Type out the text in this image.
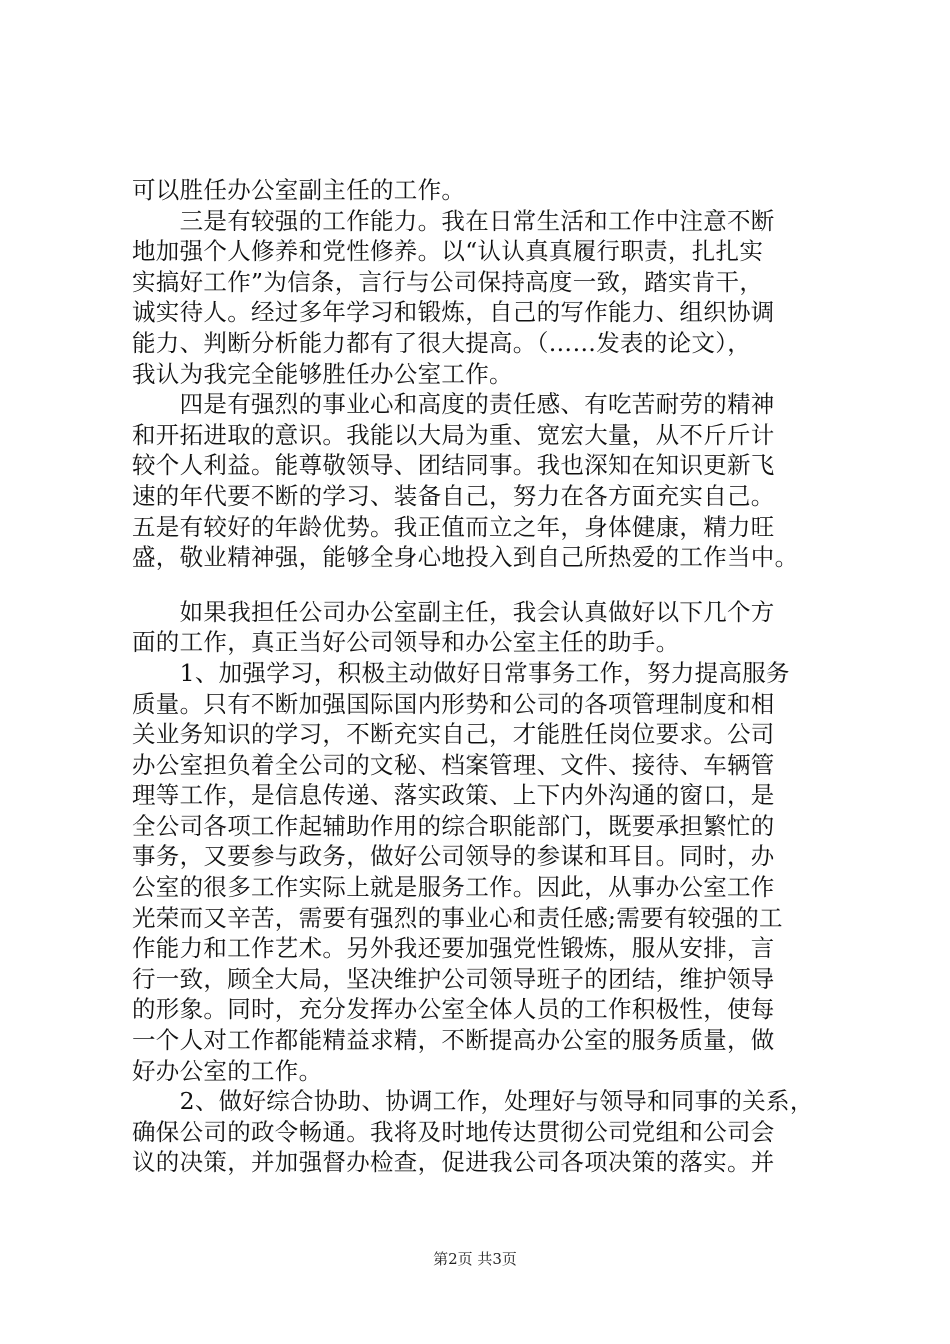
可以胜任办公室副主任的工作。
　　三是有较强的工作能力。我在日常生活和工作中注意不断
地加强个人修养和党性修养。以“认认真真履行职责，扎扎实
实搞好工作”为信条，言行与公司保持高度一致，踏实肯干，
诚实待人。经过多年学习和锻炼，自己的写作能力、组织协调
能力、判断分析能力都有了很大提高。（……发表的论文），
我认为我完全能够胜任办公室工作。
　　四是有强烈的事业心和高度的责任感、有吃苦耐劳的精神
和开拓进取的意识。我能以大局为重、宽宏大量，从不斤斤计
较个人利益。能尊敬领导、团结同事。我也深知在知识更新飞
速的年代要不断的学习、装备自己，努力在各方面充实自己。
五是有较好的年龄优势。我正值而立之年，身体健康，精力旺
盛，敬业精神强，能够全身心地投入到自己所热爱的工作当中。
　　如果我担任公司办公室副主任，我会认真做好以下几个方
面的工作，真正当好公司领导和办公室主任的助手。
　　1、加强学习，积极主动做好日常事务工作，努力提高服务
质量。只有不断加强国际国内形势和公司的各项管理制度和相
关业务知识的学习，不断充实自己，才能胜任岗位要求。公司
办公室担负着全公司的文秘、档案管理、文件、接待、车辆管
理等工作，是信息传递、落实政策、上下内外沟通的窗口，是
全公司各项工作起辅助作用的综合职能部门，既要承担繁忙的
事务，又要参与政务，做好公司领导的参谋和耳目。同时，办
公室的很多工作实际上就是服务工作。因此，从事办公室工作
光荣而又辛苦，需要有强烈的事业心和责任感;需要有较强的工
作能力和工作艺术。另外我还要加强党性锻炼，服从安排，言
行一致，顾全大局，坚决维护公司领导班子的团结，维护领导
的形象。同时，充分发挥办公室全体人员的工作积极性，使每
一个人对工作都能精益求精，不断提高办公室的服务质量，做
好办公室的工作。
　　2、做好综合协助、协调工作，处理好与领导和同事的关系，
确保公司的政令畅通。我将及时地传达贯彻公司党组和公司会
议的决策，并加强督办检查，促进我公司各项决策的落实。并
第2页 共3页
